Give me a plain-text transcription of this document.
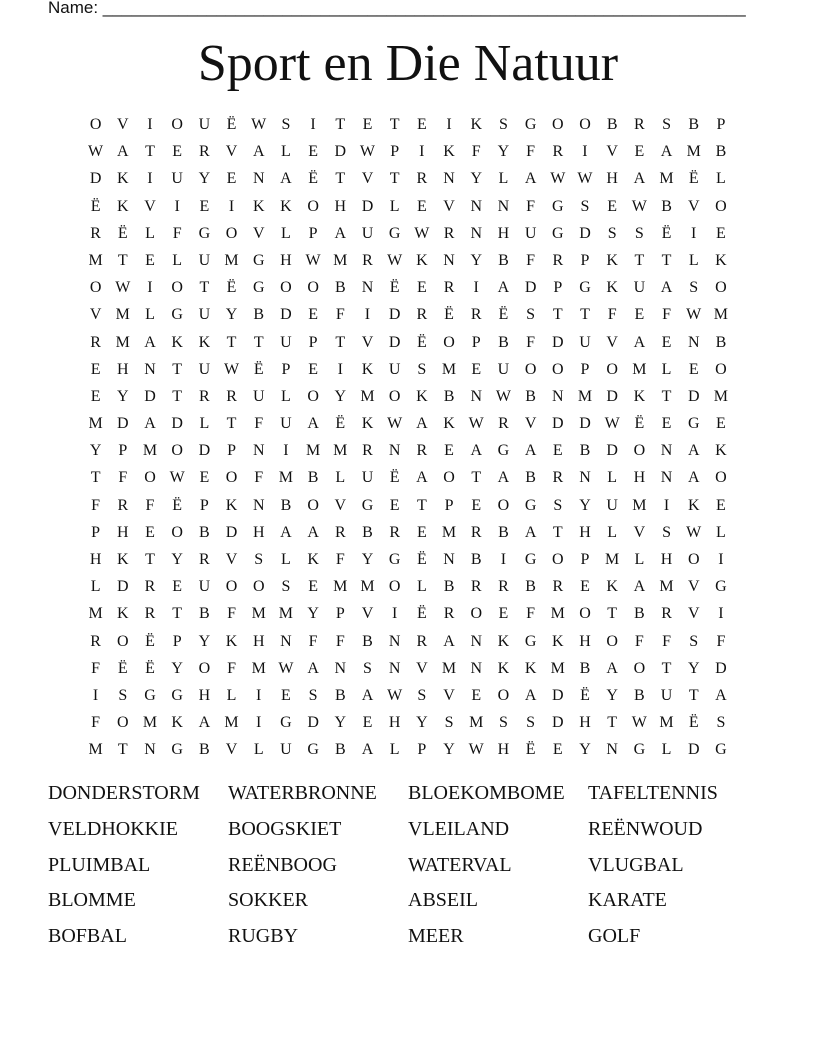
Name: ____________________________________________________________________
Sport en Die Natuur
O V	I	O U	Ë W S	I	T	E	T	E	I	K	S	G O O	B	R	S	B	P
W A	T	E	R	V A	L	E	D W P	I	K	F	Y	F	R	I	V	E	A M B
D K	I	U Y	E	N A	Ë	T	V	T	R	N Y	L	A W W H A M Ë	L
Ë	K V	I	E	I	K K O H D	L	E	V N N	F	G	S	E W B	V O
R	Ë	L	F	G O V	L	P	A U G W R	N H U G D	S	S	Ë	I	E
M T	E	L	U M G H W M R W K N Y	B	F	R	P	K	T	T	L	K
O W	I	O	T	Ë	G O O	B	N	Ë	E	R	I	A D	P	G K U A	S	O
V M L	G U Y	B	D	E	F	I	D	R	Ë	R	Ë	S	T	T	F	E	F W M
R M A K K	T	T	U	P	T	V D	Ë	O	P	B	F	D U V A	E	N	B
E	H N	T	U W Ë	P	E	I	K U	S M E	U O O	P	O M L	E	O
E	Y D	T	R	R	U	L	O Y M O K	B	N W B	N M D K	T	D M
M D A D	L	T	F	U A	Ë	K W A K W R	V D D W Ë	E	G	E
Y	P M O D	P	N	I	M M R	N	R	E	A G A	E	B	D O N A K
T	F	O W E	O	F M B	L	U	Ë	A O	T	A	B	R	N	L	H N A O
F	R	F	Ë	P	K N	B	O V G	E	T	P	E	O G	S	Y U M	I	K	E
P	H	E	O	B	D H A A	R	B	R	E M R	B	A	T	H	L	V	S W L
H K	T	Y	R	V	S	L	K	F	Y G	Ë	N	B	I	G O	P M L	H O	I
L	D	R	E	U O O	S	E M M O	L	B	R	R	B	R	E	K A M V G
M K	R	T	B	F M M Y	P	V	I	Ë	R	O	E	F M O	T	B	R	V	I
R	O	Ë	P	Y K H N	F	F	B	N	R	A N K G K H O	F	F	S	F
F	Ë	Ë	Y O	F M W A N	S	N V M N K K M B	A O	T	Y D
I	S	G G H	L	I	E	S	B	A W S	V	E	O A D	Ë	Y	B	U	T	A
F	O M K A M	I	G D Y	E	H Y	S M S	S	D H	T W M Ë	S
M T	N G	B	V	L	U G	B	A	L	P	Y W H	Ë	E	Y N G	L	D G
DONDERSTORM	WATERBRONNE	BLOEKOMBOME	TAFELTENNIS
VELDHOKKIE	BOOGSKIET	VLEILAND	REËNWOUD
PLUIMBAL	REËNBOOG	WATERVAL	VLUGBAL
BLOMME	SOKKER	ABSEIL	KARATE
BOFBAL	RUGBY	MEER	GOLF
